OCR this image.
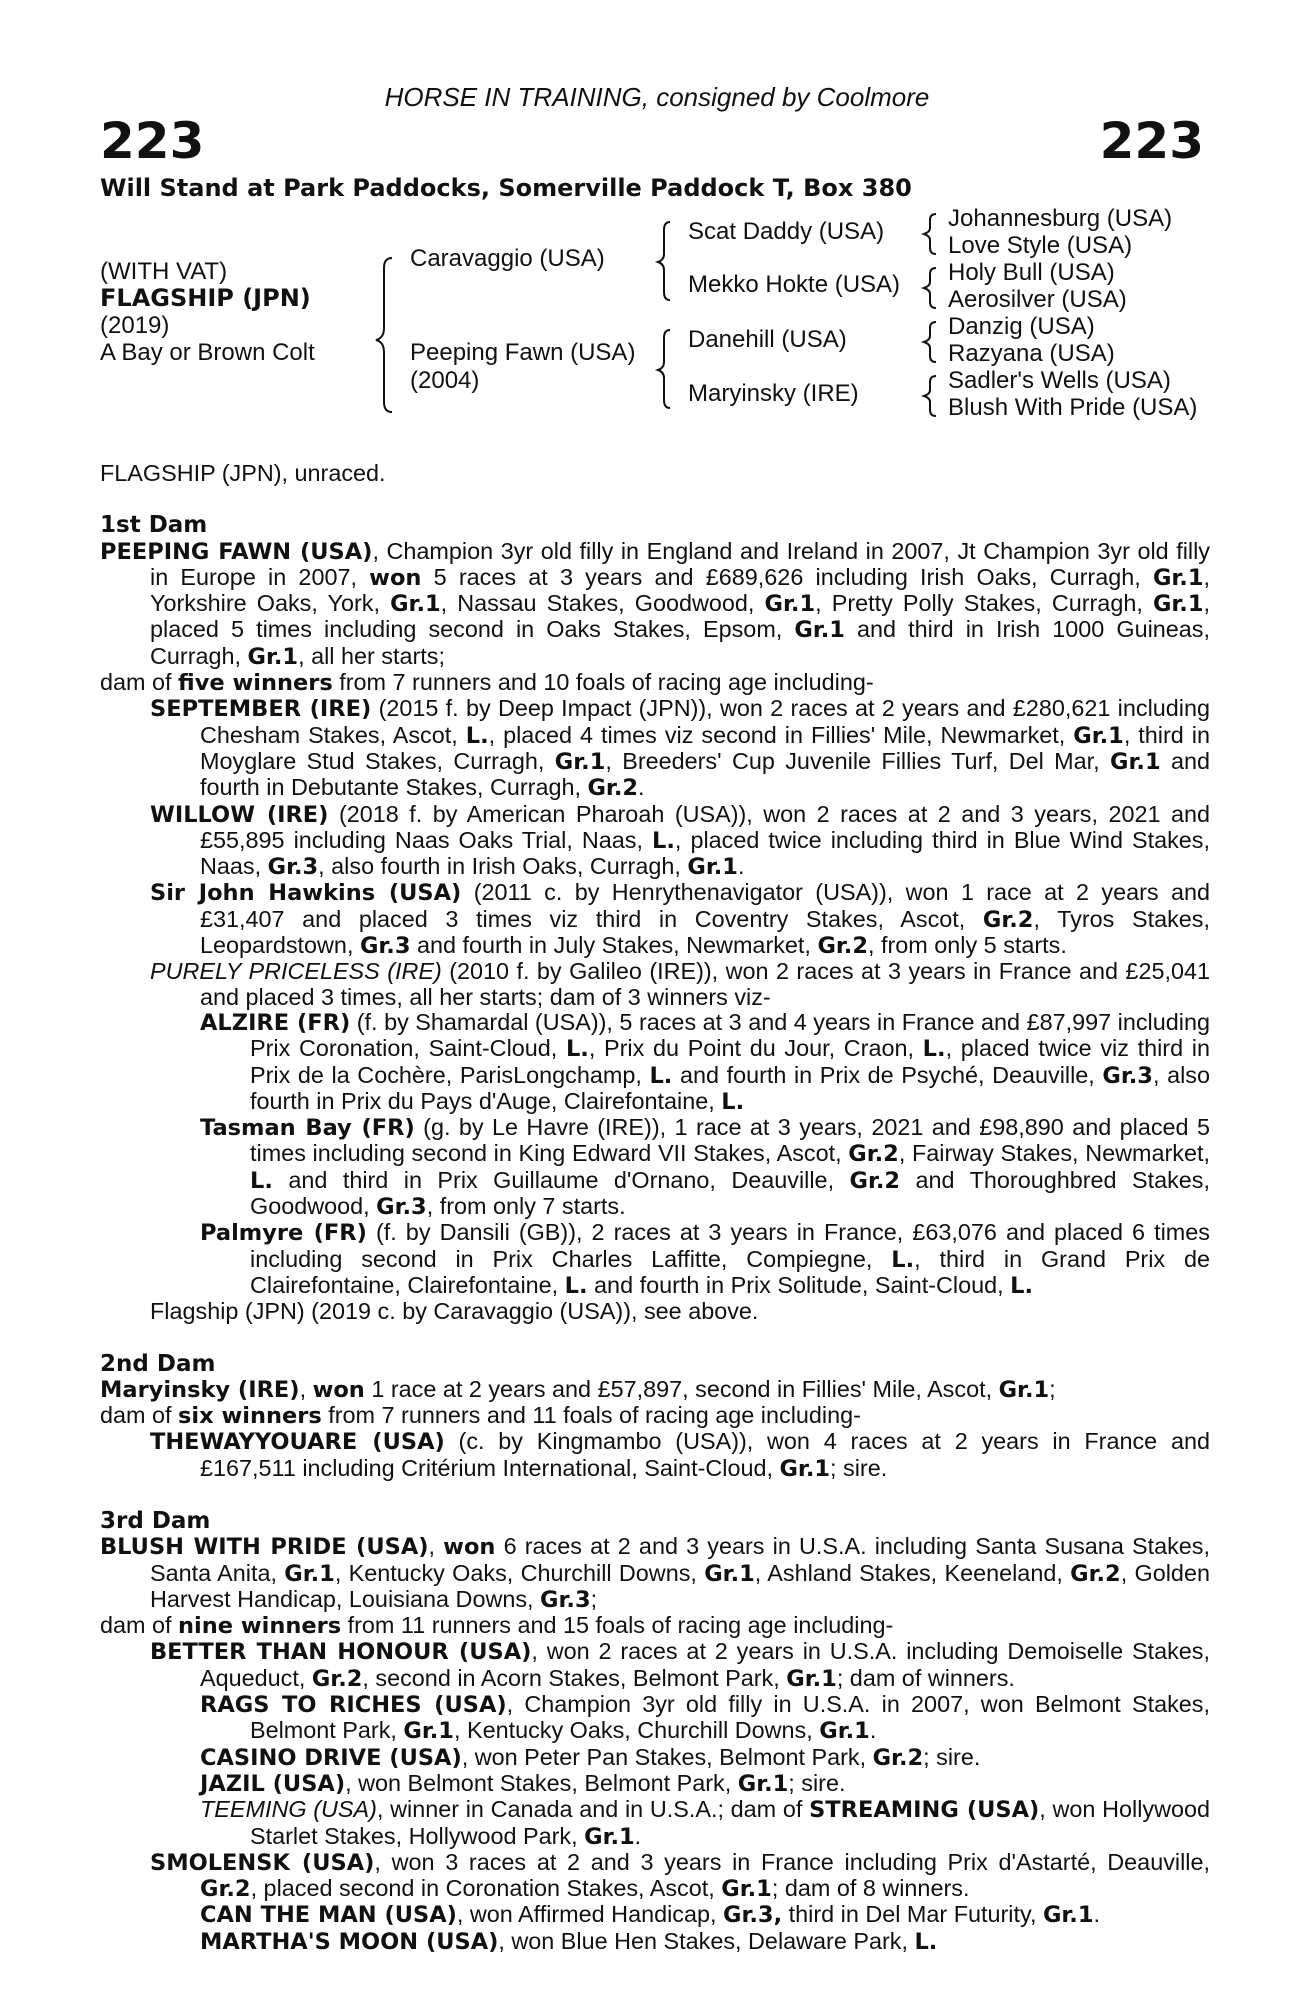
HORSE IN TRAINING, consigned by Coolmore
223	223
Will Stand at Park Paddocks, Somerville Paddock T, Box 380
(WITH VAT)
FLAGSHIP (JPN)
(2019)
A Bay or Brown Colt
Caravaggio (USA)
Peeping Fawn (USA)
(2004)
Scat Daddy (USA)
Mekko Hokte (USA)
Danehill (USA)
Maryinsky (IRE)
Johannesburg (USA)
Love Style (USA)
Holy Bull (USA)
Aerosilver (USA)
Danzig (USA)
Razyana (USA)
Sadler's Wells (USA)
Blush With Pride (USA)

FLAGSHIP (JPN), unraced.

1st Dam

PEEPING FAWN (USA), Champion 3yr old filly in England and Ireland in 2007, Jt Champion 3yr old filly in Europe in 2007, won 5 races at 3 years and £689,626 including Irish Oaks, Curragh, Gr.1, Yorkshire Oaks, York, Gr.1, Nassau Stakes, Goodwood, Gr.1, Pretty Polly Stakes, Curragh, Gr.1, placed 5 times including second in Oaks Stakes, Epsom, Gr.1 and third in Irish 1000 Guineas, Curragh, Gr.1, all her starts;

dam of five winners from 7 runners and 10 foals of racing age including-

SEPTEMBER (IRE) (2015 f. by Deep Impact (JPN)), won 2 races at 2 years and £280,621 including Chesham Stakes, Ascot, L., placed 4 times viz second in Fillies' Mile, Newmarket, Gr.1, third in Moyglare Stud Stakes, Curragh, Gr.1, Breeders' Cup Juvenile Fillies Turf, Del Mar, Gr.1 and fourth in Debutante Stakes, Curragh, Gr.2.

WILLOW (IRE) (2018 f. by American Pharoah (USA)), won 2 races at 2 and 3 years, 2021 and £55,895 including Naas Oaks Trial, Naas, L., placed twice including third in Blue Wind Stakes, Naas, Gr.3, also fourth in Irish Oaks, Curragh, Gr.1.

Sir John Hawkins (USA) (2011 c. by Henrythenavigator (USA)), won 1 race at 2 years and £31,407 and placed 3 times viz third in Coventry Stakes, Ascot, Gr.2, Tyros Stakes, Leopardstown, Gr.3 and fourth in July Stakes, Newmarket, Gr.2, from only 5 starts.

PURELY PRICELESS (IRE) (2010 f. by Galileo (IRE)), won 2 races at 3 years in France and £25,041 and placed 3 times, all her starts; dam of 3 winners viz-

ALZIRE (FR) (f. by Shamardal (USA)), 5 races at 3 and 4 years in France and £87,997 including Prix Coronation, Saint-Cloud, L., Prix du Point du Jour, Craon, L., placed twice viz third in Prix de la Cochère, ParisLongchamp, L. and fourth in Prix de Psyché, Deauville, Gr.3, also fourth in Prix du Pays d'Auge, Clairefontaine, L.

Tasman Bay (FR) (g. by Le Havre (IRE)), 1 race at 3 years, 2021 and £98,890 and placed 5 times including second in King Edward VII Stakes, Ascot, Gr.2, Fairway Stakes, Newmarket, L. and third in Prix Guillaume d'Ornano, Deauville, Gr.2 and Thoroughbred Stakes, Goodwood, Gr.3, from only 7 starts.

Palmyre (FR) (f. by Dansili (GB)), 2 races at 3 years in France, £63,076 and placed 6 times including second in Prix Charles Laffitte, Compiegne, L., third in Grand Prix de Clairefontaine, Clairefontaine, L. and fourth in Prix Solitude, Saint-Cloud, L.

Flagship (JPN) (2019 c. by Caravaggio (USA)), see above.

2nd Dam

Maryinsky (IRE), won 1 race at 2 years and £57,897, second in Fillies' Mile, Ascot, Gr.1;

dam of six winners from 7 runners and 11 foals of racing age including-

THEWAYYOUARE (USA) (c. by Kingmambo (USA)), won 4 races at 2 years in France and £167,511 including Critérium International, Saint-Cloud, Gr.1; sire.

3rd Dam

BLUSH WITH PRIDE (USA), won 6 races at 2 and 3 years in U.S.A. including Santa Susana Stakes, Santa Anita, Gr.1, Kentucky Oaks, Churchill Downs, Gr.1, Ashland Stakes, Keeneland, Gr.2, Golden Harvest Handicap, Louisiana Downs, Gr.3;

dam of nine winners from 11 runners and 15 foals of racing age including-

BETTER THAN HONOUR (USA), won 2 races at 2 years in U.S.A. including Demoiselle Stakes, Aqueduct, Gr.2, second in Acorn Stakes, Belmont Park, Gr.1; dam of winners.

RAGS TO RICHES (USA), Champion 3yr old filly in U.S.A. in 2007, won Belmont Stakes, Belmont Park, Gr.1, Kentucky Oaks, Churchill Downs, Gr.1.

CASINO DRIVE (USA), won Peter Pan Stakes, Belmont Park, Gr.2; sire.

JAZIL (USA), won Belmont Stakes, Belmont Park, Gr.1; sire.

TEEMING (USA), winner in Canada and in U.S.A.; dam of STREAMING (USA), won Hollywood Starlet Stakes, Hollywood Park, Gr.1.

SMOLENSK (USA), won 3 races at 2 and 3 years in France including Prix d'Astarté, Deauville, Gr.2, placed second in Coronation Stakes, Ascot, Gr.1; dam of 8 winners.

CAN THE MAN (USA), won Affirmed Handicap, Gr.3, third in Del Mar Futurity, Gr.1.

MARTHA'S MOON (USA), won Blue Hen Stakes, Delaware Park, L.
